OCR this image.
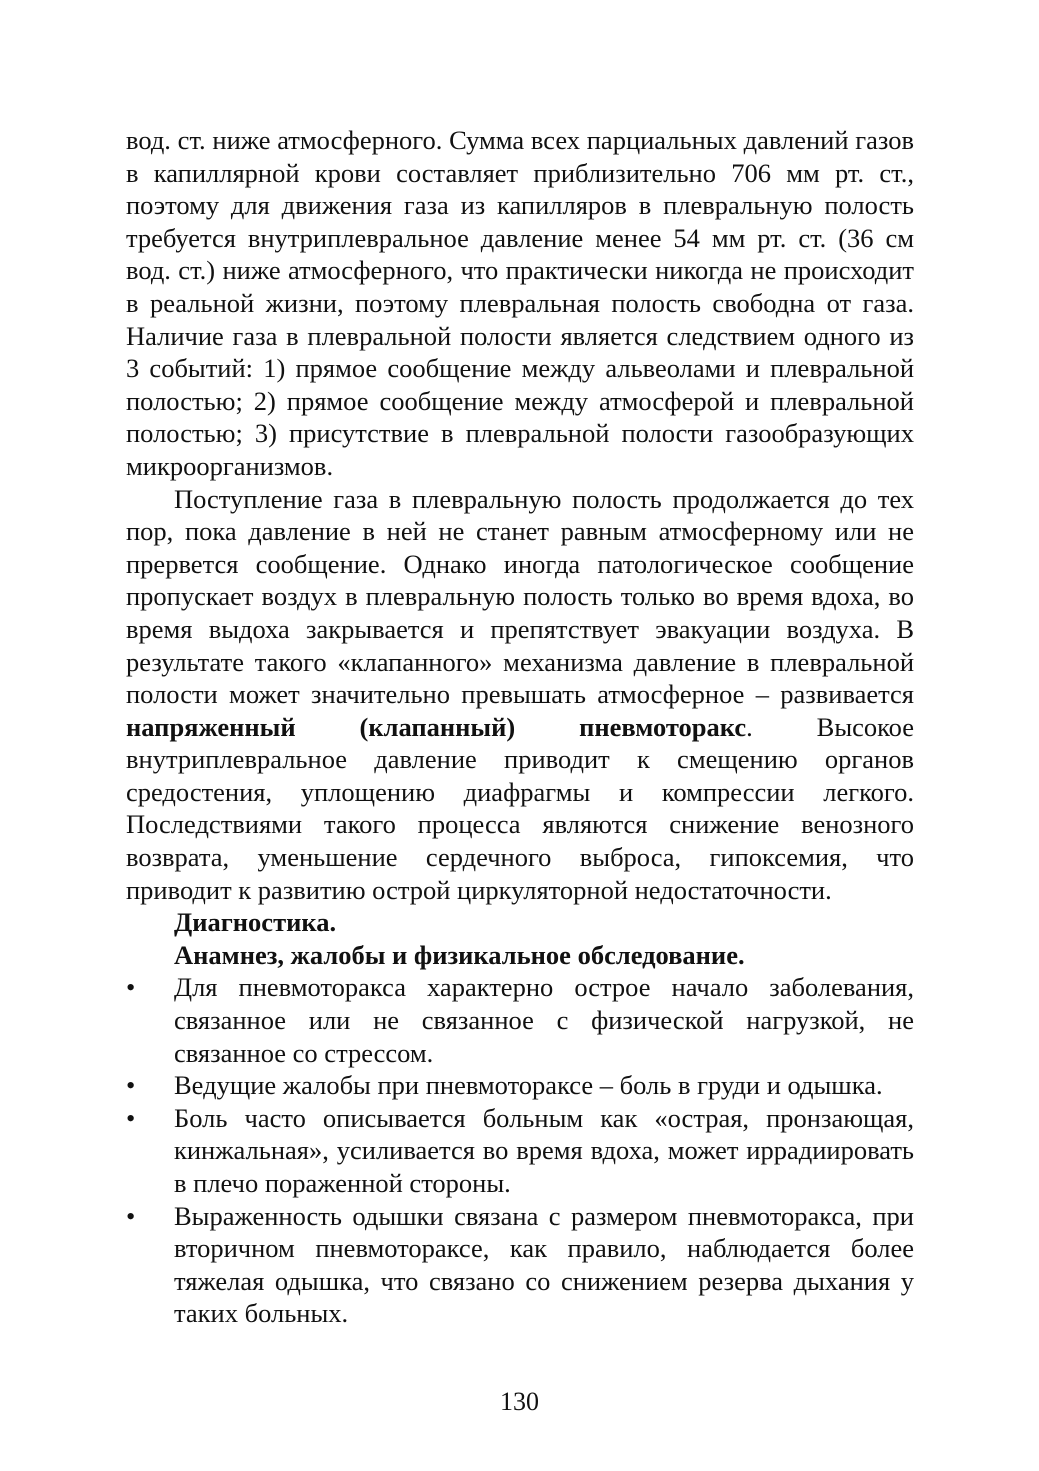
вод. ст. ниже атмосферного. Сумма всех парциальных давлений газов в капиллярной крови составляет приблизительно 706 мм рт. ст., поэтому для движения газа из капилляров в плевральную полость требуется внутриплевральное давление менее 54 мм рт. ст. (36 см вод. ст.) ниже атмосферного, что практически никогда не происходит в реальной жизни, поэтому плевральная полость свободна от газа. Наличие газа в плевральной полости является следствием одного из 3 событий: 1) прямое сообщение между альвеолами и плевральной полостью; 2) прямое сообщение между атмосферой и плевральной полостью; 3) присутствие в плевральной полости газообразующих микроорганизмов.

Поступление газа в плевральную полость продолжается до тех пор, пока давление в ней не станет равным атмосферному или не прервется сообщение. Однако иногда патологическое сообщение пропускает воздух в плевральную полость только во время вдоха, во время выдоха закрывается и препятствует эвакуации воздуха. В результате такого «клапанного» механизма давление в плевральной полости может значительно превышать атмосферное – развивается напряженный (клапанный) пневмоторакс. Высокое внутриплевральное давление приводит к смещению органов средостения, уплощению диафрагмы и компрессии легкого. Последствиями такого процесса являются снижение венозного возврата, уменьшение сердечного выброса, гипоксемия, что приводит к развитию острой циркуляторной недостаточности.

Диагностика.

Анамнез, жалобы и физикальное обследование.

• Для пневмоторакса характерно острое начало заболевания, связанное или не связанное с физической нагрузкой, не связанное со стрессом.
• Ведущие жалобы при пневмотораксе – боль в груди и одышка.
• Боль часто описывается больным как «острая, пронзающая, кинжальная», усиливается во время вдоха, может иррадиировать в плечо пораженной стороны.
• Выраженность одышки связана с размером пневмоторакса, при вторичном пневмотораксе, как правило, наблюдается более тяжелая одышка, что связано со снижением резерва дыхания у таких больных.
130
